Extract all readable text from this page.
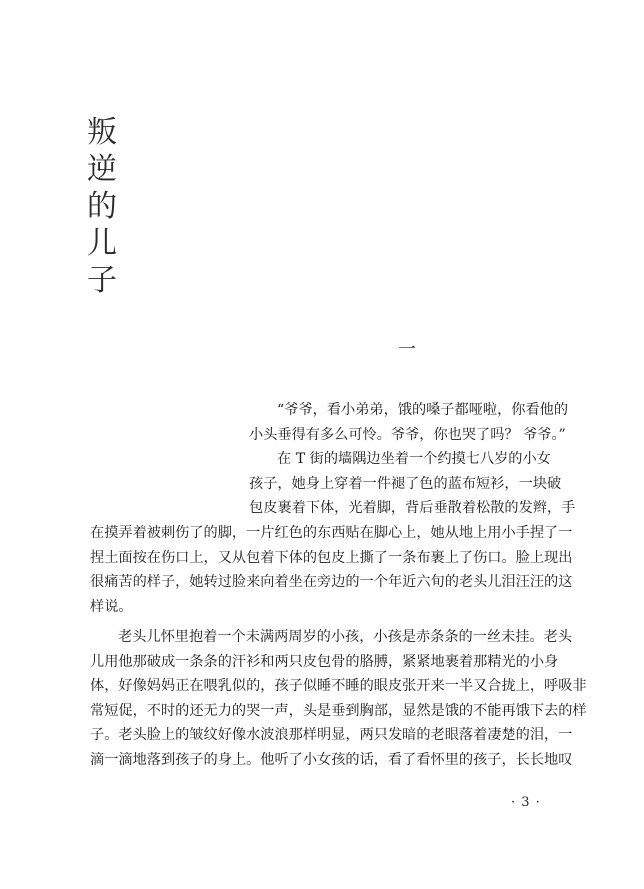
叛
逆
的
儿
子
一

“爷爷，看小弟弟，饿的嗓子都哑啦，你看他的
小头垂得有多么可怜。爷爷，你也哭了吗？ 爷爷。”

在 T 街的墙隅边坐着一个约摸七八岁的小女
孩子，她身上穿着一件褪了色的蓝布短衫，一块破
包皮裹着下体，光着脚，背后垂散着松散的发辫，手

在摸弄着被刺伤了的脚，一片红色的东西贴在脚心上，她从地上用小手捏了一
捏土面按在伤口上，又从包着下体的包皮上撕了一条布裹上了伤口。脸上现出
很痛苦的样子，她转过脸来向着坐在旁边的一个年近六旬的老头儿泪汪汪的这
样说。

老头儿怀里抱着一个未满两周岁的小孩，小孩是赤条条的一丝未挂。老头
儿用他那破成一条条的汗衫和两只皮包骨的胳膊，紧紧地裹着那精光的小身
体，好像妈妈正在喂乳似的，孩子似睡不睡的眼皮张开来一半又合拢上，呼吸非
常短促，不时的还无力的哭一声，头是垂到胸部，显然是饿的不能再饿下去的样
子。老头脸上的皱纹好像水波浪那样明显，两只发暗的老眼落着凄楚的泪，一
滴一滴地落到孩子的身上。他听了小女孩的话，看了看怀里的孩子，长长地叹

· 3 ·
